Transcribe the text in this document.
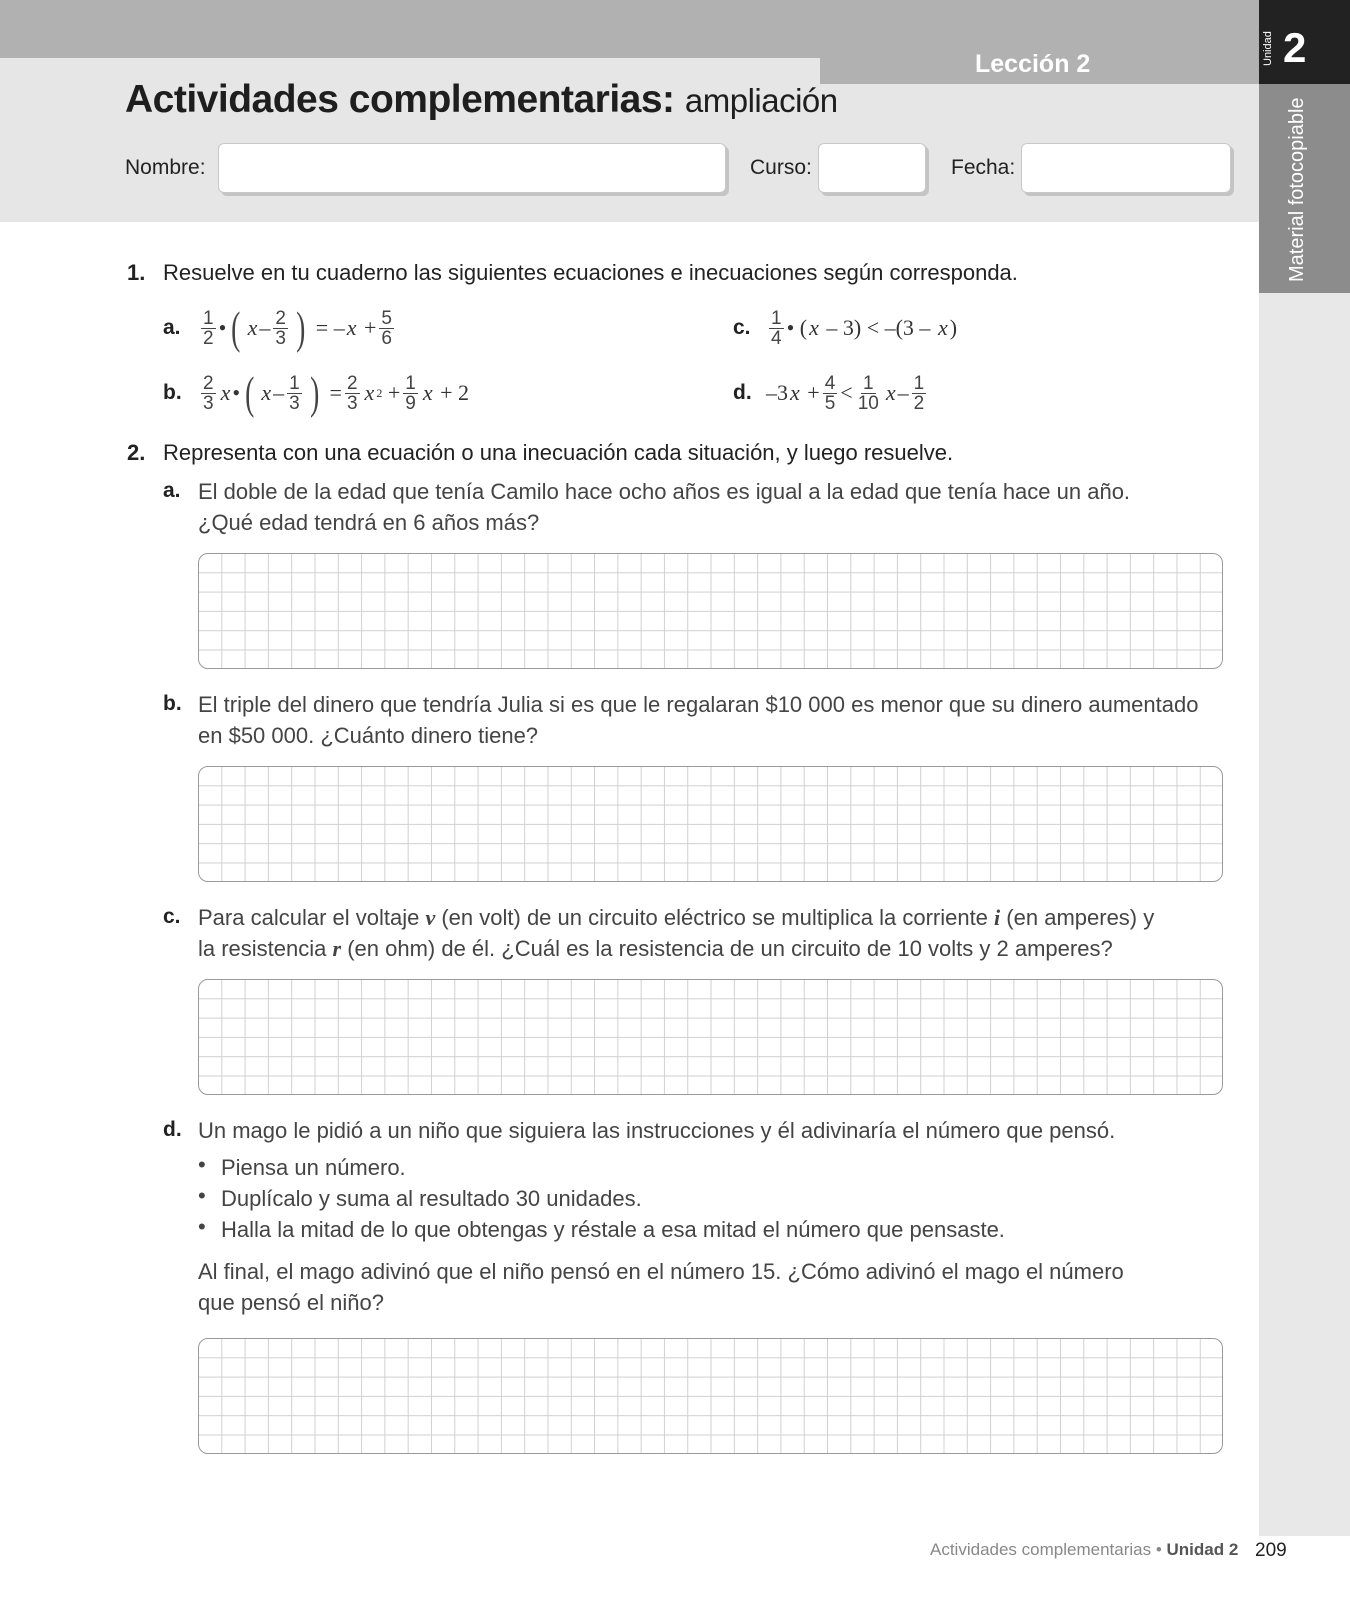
Unidad 2
Material fotocopiable
Lección 2
Actividades complementarias: ampliación
Nombre:	Curso:	Fecha:
1. Resuelve en tu cuaderno las siguientes ecuaciones e inecuaciones según corresponda.
a. $\frac{1}{2}$ • ( x – $\frac{2}{3}$ ) = – $x + \frac{5}{6}$
b. $\frac{2}{3}$ x • ( x – $\frac{1}{3}$ ) = $\frac{2}{3}$ x $2 + \frac{1}{9}$ x + 2
c. $\frac{1}{4}$ • ( x – 3) < –(3 – x )
d. –3 $x + \frac{4}{5} < \frac{1}{10}$ x – $\frac{1}{2}$
2. Representa con una ecuación o una inecuación cada situación, y luego resuelve.
a. El doble de la edad que tenía Camilo hace ocho años es igual a la edad que tenía hace un año.
¿Qué edad tendrá en 6 años más?
b. El triple del dinero que tendría Julia si es que le regalaran $10 000 es menor que su dinero aumentado
en $50 000. ¿Cuánto dinero tiene?
c. Para calcular el voltaje v (en volt) de un circuito eléctrico se multiplica la corriente i (en amperes) y
la resistencia r (en ohm) de él. ¿Cuál es la resistencia de un circuito de 10 volts y 2 amperes?
d. Un mago le pidió a un niño que siguiera las instrucciones y él adivinaría el número que pensó.
• Piensa un número.
• Duplícalo y suma al resultado 30 unidades.
• Halla la mitad de lo que obtengas y réstale a esa mitad el número que pensaste.
Al final, el mago adivinó que el niño pensó en el número 15. ¿Cómo adivinó el mago el número
que pensó el niño?
Actividades complementarias • Unidad 2 209
